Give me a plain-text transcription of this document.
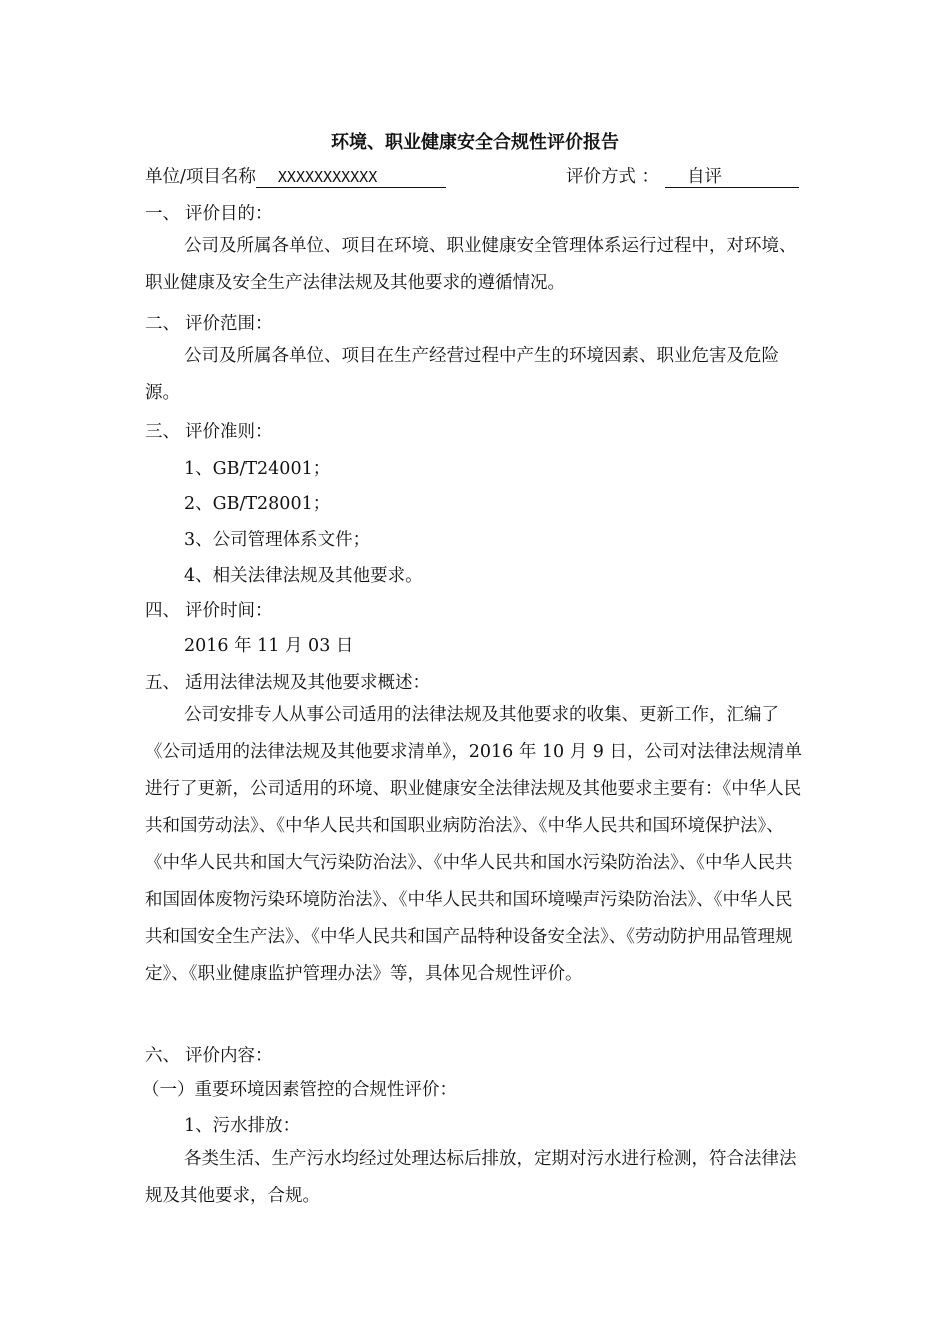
环境、职业健康安全合规性评价报告
单位/项目名称 XXXXXXXXXXX	评价方式 ： 自评
一、 评价目的：
公司及所属各单位、项目在环境、职业健康安全管理体系运行过程中，对环境、职业健康及安全生产法律法规及其他要求的遵循情况。
二、 评价范围：
公司及所属各单位、项目在生产经营过程中产生的环境因素、职业危害及危险源。
三、 评价准则：
1、GB/T24001；
2、GB/T28001；
3、公司管理体系文件；
4、相关法律法规及其他要求。
四、 评价时间：
2016 年 11 月 03 日
五、 适用法律法规及其他要求概述：
公司安排专人从事公司适用的法律法规及其他要求的收集、更新工作，汇编了《公司适用的法律法规及其他要求清单》，2016 年 10 月 9 日，公司对法律法规清单进行了更新，公司适用的环境、职业健康安全法律法规及其他要求主要有：《中华人民共和国劳动法》、《中华人民共和国职业病防治法》、《中华人民共和国环境保护法》、《中华人民共和国大气污染防治法》、《中华人民共和国水污染防治法》、《中华人民共和国固体废物污染环境防治法》、《中华人民共和国环境噪声污染防治法》、《中华人民共和国安全生产法》、《中华人民共和国产品特种设备安全法》、《劳动防护用品管理规定》、《职业健康监护管理办法》等，具体见合规性评价。
六、 评价内容：
（一）重要环境因素管控的合规性评价：
1、污水排放：
各类生活、生产污水均经过处理达标后排放，定期对污水进行检测，符合法律法规及其他要求，合规。
